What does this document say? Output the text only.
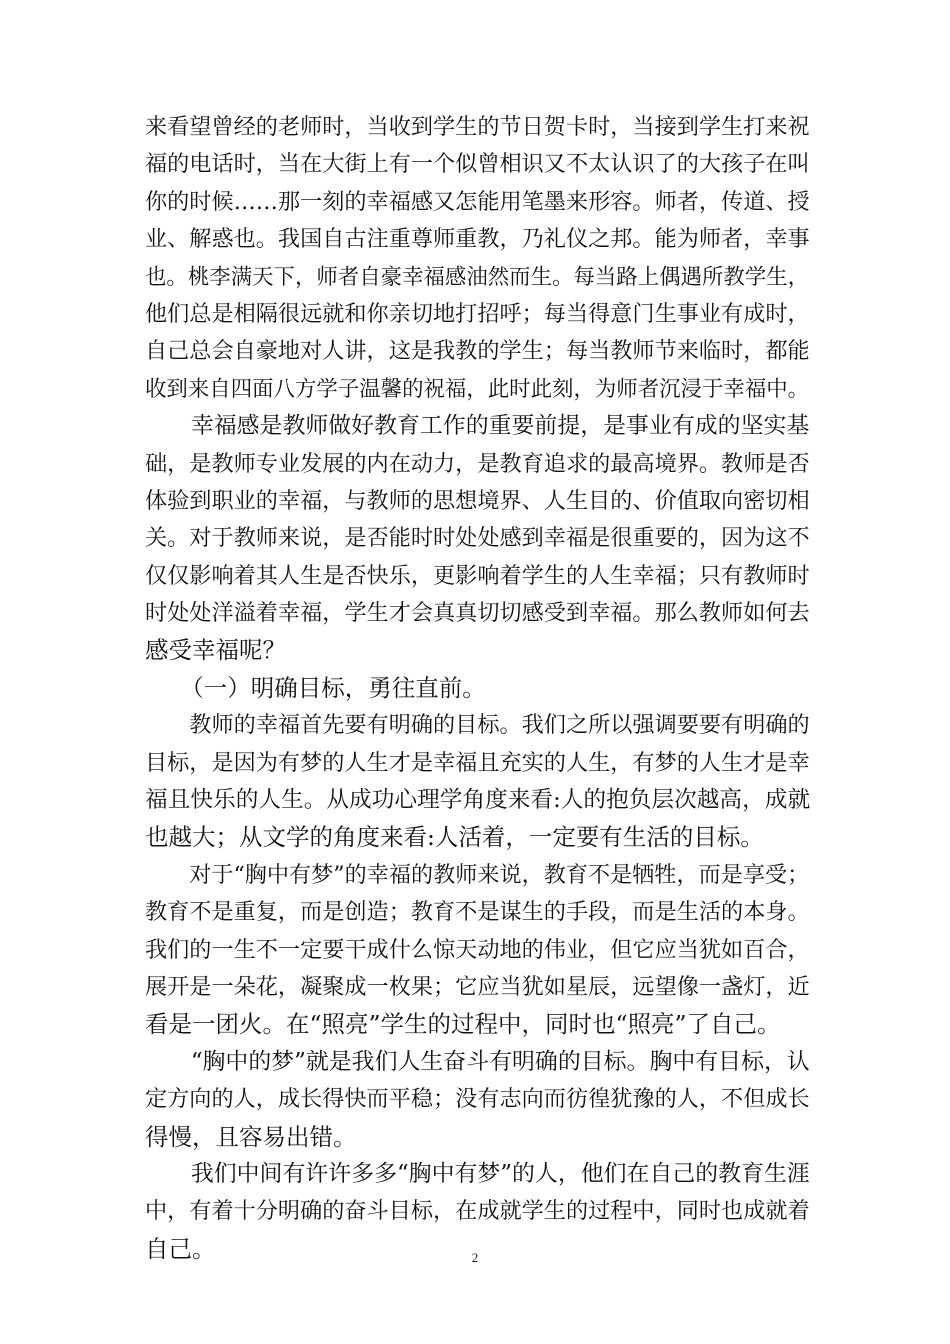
来看望曾经的老师时，当收到学生的节日贺卡时，当接到学生打来祝
福的电话时，当在大街上有一个似曾相识又不太认识了的大孩子在叫
你的时候……那一刻的幸福感又怎能用笔墨来形容。师者，传道、授
业、解惑也。我国自古注重尊师重教，乃礼仪之邦。能为师者，幸事
也。桃李满天下，师者自豪幸福感油然而生。每当路上偶遇所教学生，
他们总是相隔很远就和你亲切地打招呼；每当得意门生事业有成时，
自己总会自豪地对人讲，这是我教的学生；每当教师节来临时，都能
收到来自四面八方学子温馨的祝福，此时此刻，为师者沉浸于幸福中。
　　幸福感是教师做好教育工作的重要前提，是事业有成的坚实基
础，是教师专业发展的内在动力，是教育追求的最高境界。教师是否
体验到职业的幸福，与教师的思想境界、人生目的、价值取向密切相
关。对于教师来说，是否能时时处处感到幸福是很重要的，因为这不
仅仅影响着其人生是否快乐，更影响着学生的人生幸福；只有教师时
时处处洋溢着幸福，学生才会真真切切感受到幸福。那么教师如何去
感受幸福呢？
　　（一）明确目标，勇往直前。
　　教师的幸福首先要有明确的目标。我们之所以强调要要有明确的
目标，是因为有梦的人生才是幸福且充实的人生，有梦的人生才是幸
福且快乐的人生。从成功心理学角度来看:人的抱负层次越高，成就
也越大；从文学的角度来看:人活着，一定要有生活的目标。
　　对于“胸中有梦”的幸福的教师来说，教育不是牺牲，而是享受；
教育不是重复，而是创造；教育不是谋生的手段，而是生活的本身。
我们的一生不一定要干成什么惊天动地的伟业，但它应当犹如百合，
展开是一朵花，凝聚成一枚果；它应当犹如星辰，远望像一盏灯，近
看是一团火。在“照亮”学生的过程中，同时也“照亮”了自己。
　　“胸中的梦”就是我们人生奋斗有明确的目标。胸中有目标，认
定方向的人，成长得快而平稳；没有志向而彷徨犹豫的人，不但成长
得慢，且容易出错。
　　我们中间有许许多多“胸中有梦”的人，他们在自己的教育生涯
中，有着十分明确的奋斗目标，在成就学生的过程中，同时也成就着
自己。	2
